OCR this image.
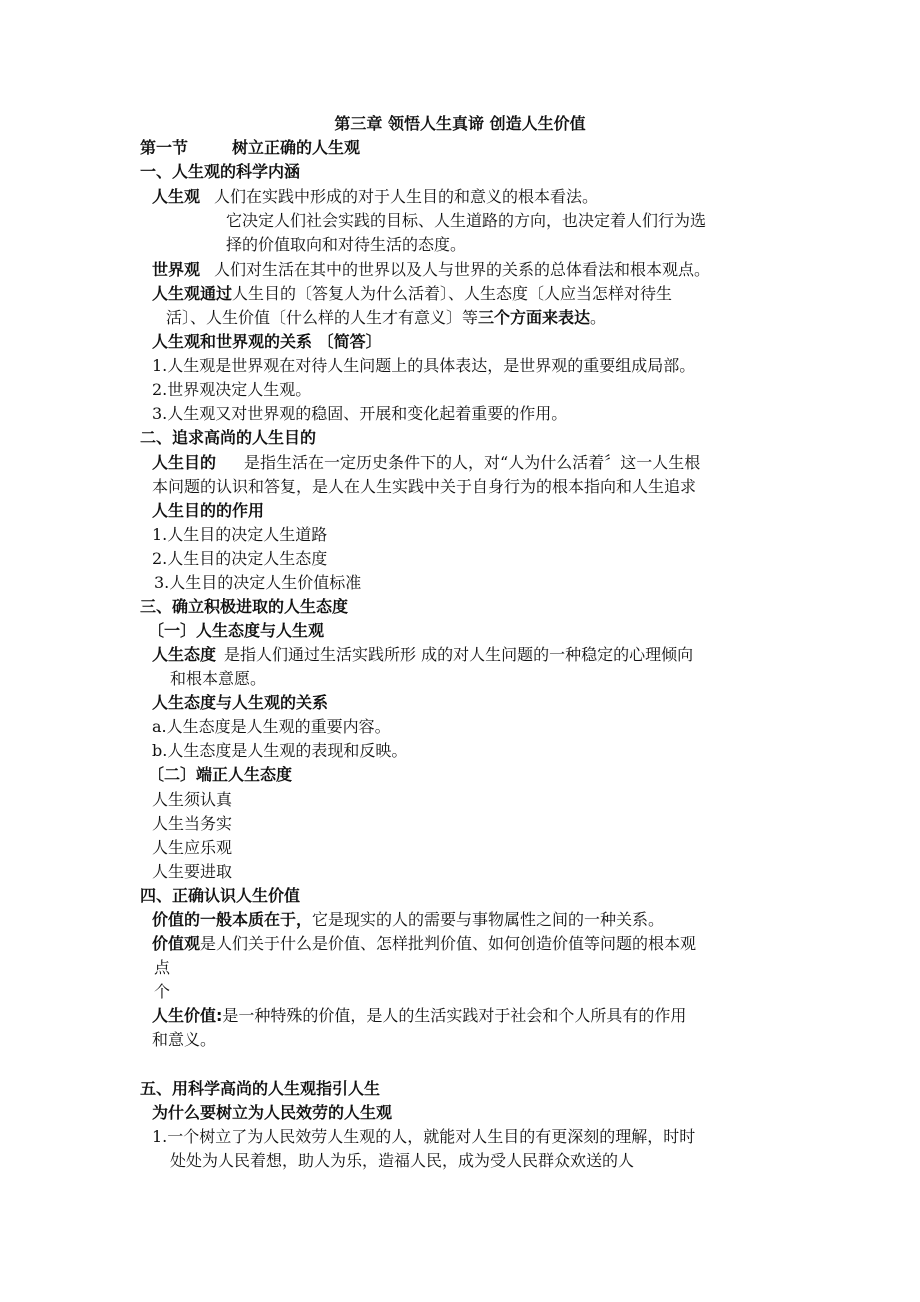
第三章 领悟人生真谛 创造人生价值
第一节	树立正确的人生观
一、人生观的科学内涵
人生观 人们在实践中形成的对于人生目的和意义的根本看法。
它决定人们社会实践的目标、人生道路的方向，也决定着人们行为选
择的价值取向和对待生活的态度。
世界观 人们对生活在其中的世界以及人与世界的关系的总体看法和根本观点。
人生观通过人生目的〔答复人为什么活着〕、人生态度〔人应当怎样对待生
活〕、人生价值〔什么样的人生才有意义〕等三个方面来表达。
人生观和世界观的关系 〔简答〕
1.人生观是世界观在对待人生问题上的具体表达，是世界观的重要组成局部。
2.世界观决定人生观。
3.人生观又对世界观的稳固、开展和变化起着重要的作用。
二、追求高尚的人生目的
人生目的 是指生活在一定历史条件下的人，对“人为什么活着〞这一人生根
本问题的认识和答复，是人在人生实践中关于自身行为的根本指向和人生追求
人生目的的作用
1.人生目的决定人生道路
2.人生目的决定人生态度
3.人生目的决定人生价值标准
三、确立积极进取的人生态度
〔一〕人生态度与人生观
人生态度 是指人们通过生活实践所形 成的对人生问题的一种稳定的心理倾向
和根本意愿。
人生态度与人生观的关系
a.人生态度是人生观的重要内容。
b.人生态度是人生观的表现和反映。
〔二〕端正人生态度
人生须认真
人生当务实
人生应乐观
人生要进取
四、正确认识人生价值
价值的一般本质在于，它是现实的人的需要与事物属性之间的一种关系。
价值观是人们关于什么是价值、怎样批判价值、如何创造价值等问题的根本观
点
个
人生价值:是一种特殊的价值，是人的生活实践对于社会和个人所具有的作用
和意义。
五、用科学高尚的人生观指引人生
为什么要树立为人民效劳的人生观
1.一个树立了为人民效劳人生观的人，就能对人生目的有更深刻的理解，时时
处处为人民着想，助人为乐，造福人民，成为受人民群众欢送的人
